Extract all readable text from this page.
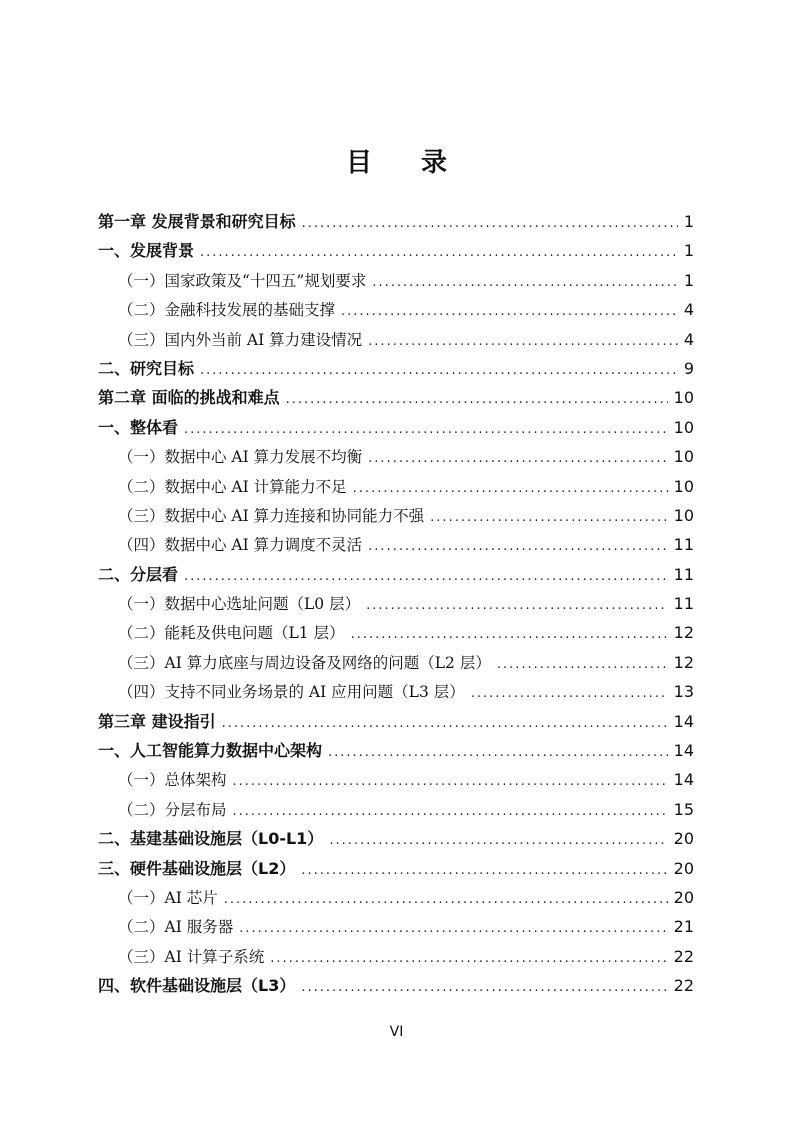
目 录
第一章 发展背景和研究目标 .....	1
一、发展背景 .....	1
（一）国家政策及“十四五”规划要求 .....	1
（二）金融科技发展的基础支撑 .....	4
（三）国内外当前 AI 算力建设情况 .....	4
二、研究目标 .....	9
第二章 面临的挑战和难点 .....	10
一、整体看 .....	10
（一）数据中心 AI 算力发展不均衡 .....	10
（二）数据中心 AI 计算能力不足 .....	10
（三）数据中心 AI 算力连接和协同能力不强 .....	10
（四）数据中心 AI 算力调度不灵活 .....	11
二、分层看 .....	11
（一）数据中心选址问题（L0 层） .....	11
（二）能耗及供电问题（L1 层） .....	12
（三）AI 算力底座与周边设备及网络的问题（L2 层） .....	12
（四）支持不同业务场景的 AI 应用问题（L3 层） .....	13
第三章 建设指引 .....	14
一、人工智能算力数据中心架构 .....	14
（一）总体架构 .....	14
（二）分层布局 .....	15
二、基建基础设施层（L0-L1） .....	20
三、硬件基础设施层（L2） .....	20
（一）AI 芯片 .....	20
（二）AI 服务器 .....	21
（三）AI 计算子系统 .....	22
四、软件基础设施层（L3） .....	22
VI
